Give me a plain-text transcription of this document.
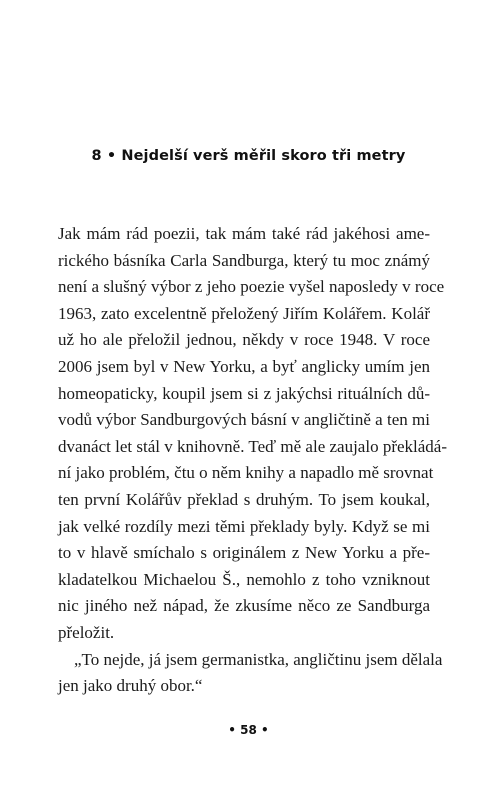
8 • Nejdelší verš měřil skoro tři metry
Jak mám rád poezii, tak mám také rád jakéhosi ame-
rického básníka Carla Sandburga, který tu moc známý
není a slušný výbor z jeho poezie vyšel naposledy v roce
1963, zato excelentně přeložený Jiřím Kolářem. Kolář
už ho ale přeložil jednou, někdy v roce 1948. V roce
2006 jsem byl v New Yorku, a byť anglicky umím jen
homeopaticky, koupil jsem si z jakýchsi rituálních dů-
vodů výbor Sandburgových básní v angličtině a ten mi
dvanáct let stál v knihovně. Teď mě ale zaujalo překládá-
ní jako problém, čtu o něm knihy a napadlo mě srovnat
ten první Kolářův překlad s druhým. To jsem koukal,
jak velké rozdíly mezi těmi překlady byly. Když se mi
to v hlavě smíchalo s originálem z New Yorku a pře-
kladatelkou Michaelou Š., nemohlo z toho vzniknout
nic jiného než nápad, že zkusíme něco ze Sandburga
přeložit.
„To nejde, já jsem germanistka, angličtinu jsem dělala
jen jako druhý obor.“
• 58 •
